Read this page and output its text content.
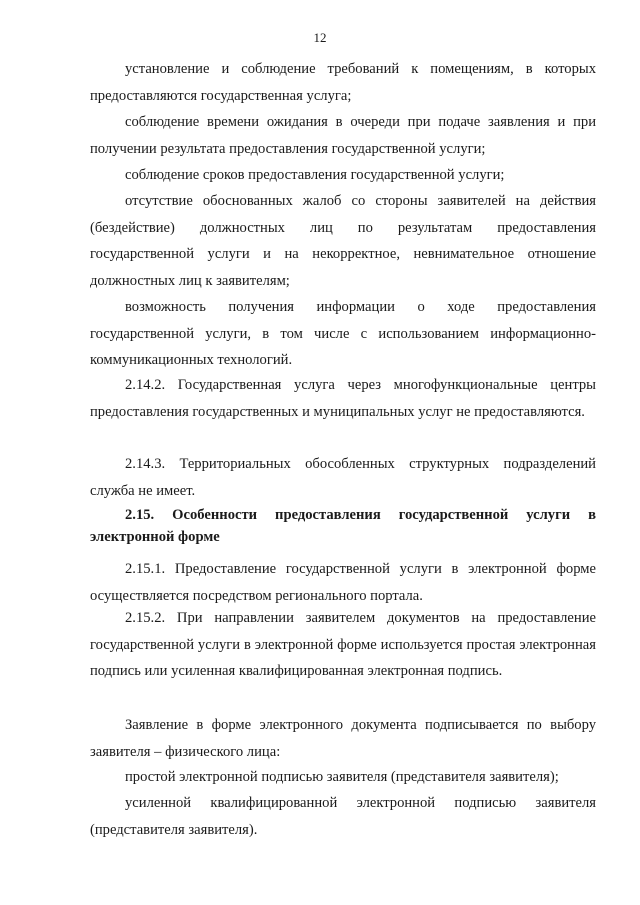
12

установление и соблюдение требований к помещениям, в которых предоставляются государственная услуга;

соблюдение времени ожидания в очереди при подаче заявления и при получении результата предоставления государственной услуги;

соблюдение сроков предоставления государственной услуги;

отсутствие обоснованных жалоб со стороны заявителей на действия (бездействие) должностных лиц по результатам предоставления государственной услуги и на некорректное, невнимательное отношение должностных лиц к заявителям;

возможность получения информации о ходе предоставления государственной услуги, в том числе с использованием информационно-коммуникационных технологий.

2.14.2. Государственная услуга через многофункциональные центры предоставления государственных и муниципальных услуг не предоставляются.

2.14.3. Территориальных обособленных структурных подразделений служба не имеет.

2.15. Особенности предоставления государственной услуги в электронной форме

2.15.1. Предоставление государственной услуги в электронной форме осуществляется посредством регионального портала.

2.15.2. При направлении заявителем документов на предоставление государственной услуги в электронной форме используется простая электронная подпись или усиленная квалифицированная электронная подпись.

Заявление в форме электронного документа подписывается по выбору заявителя – физического лица:

простой электронной подписью заявителя (представителя заявителя);

усиленной квалифицированной электронной подписью заявителя (представителя заявителя).
